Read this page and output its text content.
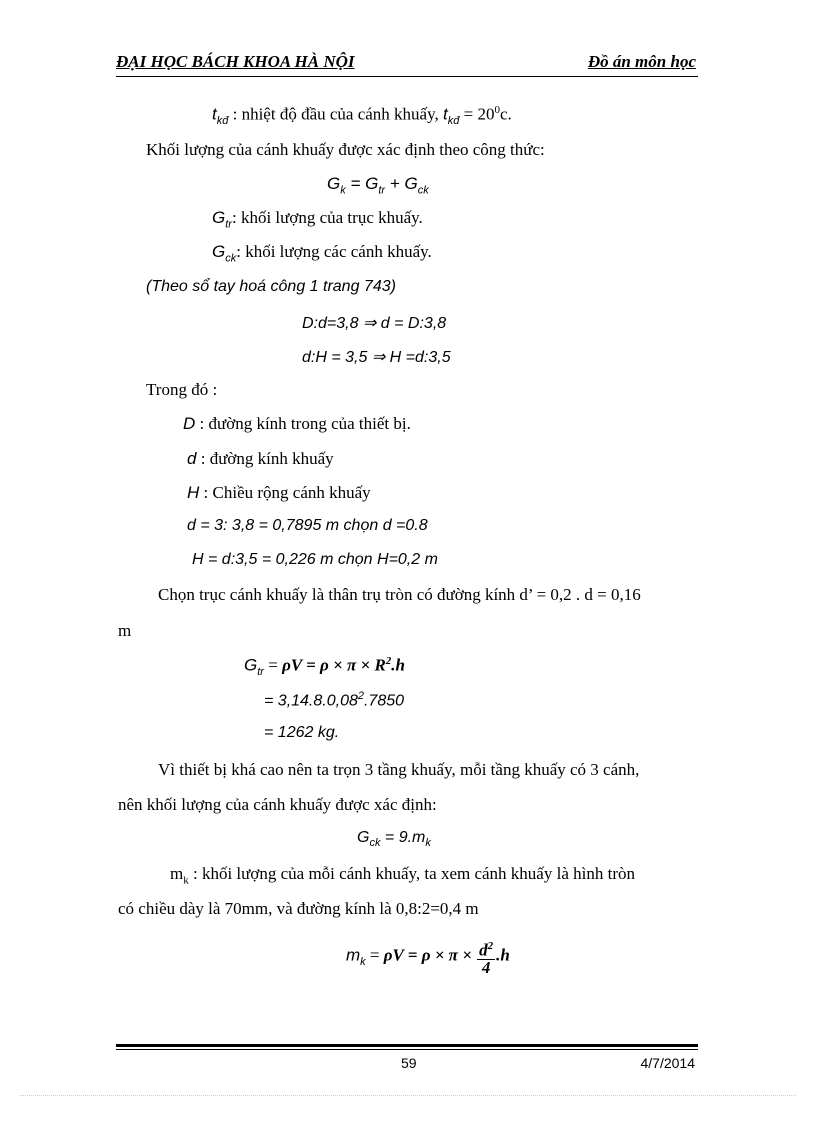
ĐẠI HỌC BÁCH KHOA HÀ NỘI	Đồ án môn học
$t_{kđ}$ : nhiệt độ đầu của cánh khuấy, $t_{kđ} = 20^0c$.
Khối lượng của cánh khuấy được xác định theo công thức:
$G_k = G_{tr} + G_{ck}$
$G_{tr}$: khối lượng của trục khuấy.
$G_{ck}$: khối lượng các cánh khuấy.
(Theo sổ tay hoá công 1 trang 743)
D:d=3,8 ⇒ d = D:3,8
d:H = 3,5 ⇒ H =d:3,5
Trong đó :
D : đường kính trong của thiết bị.
d : đường kính khuấy
H : Chiều rộng cánh khuấy
d = 3: 3,8 = 0,7895 m chọn d =0.8
H = d:3,5 = 0,226 m chọn H=0,2 m
Chọn trục cánh khuấy là thân trụ tròn có đường kính d’ = 0,2 . d = 0,16
m
$G_{tr} = \rho V = \rho \times \pi \times R^2.h$
= $3,14.8.0,08^2.7850$
= 1262 kg.
Vì thiết bị khá cao nên ta trọn 3 tầng khuấy, mỗi tầng khuấy có 3 cánh,
nên khối lượng của cánh khuấy được xác định:
$G_{ck} = 9.m_k$
$m_k$ : khối lượng của mỗi cánh khuấy, ta xem cánh khuấy là hình tròn
có chiều dày là 70mm, và đường kính là 0,8:2=0,4 m
$m_k = \rho V = \rho \times \pi \times \frac{d^2}{4} .h$
59	4/7/2014
